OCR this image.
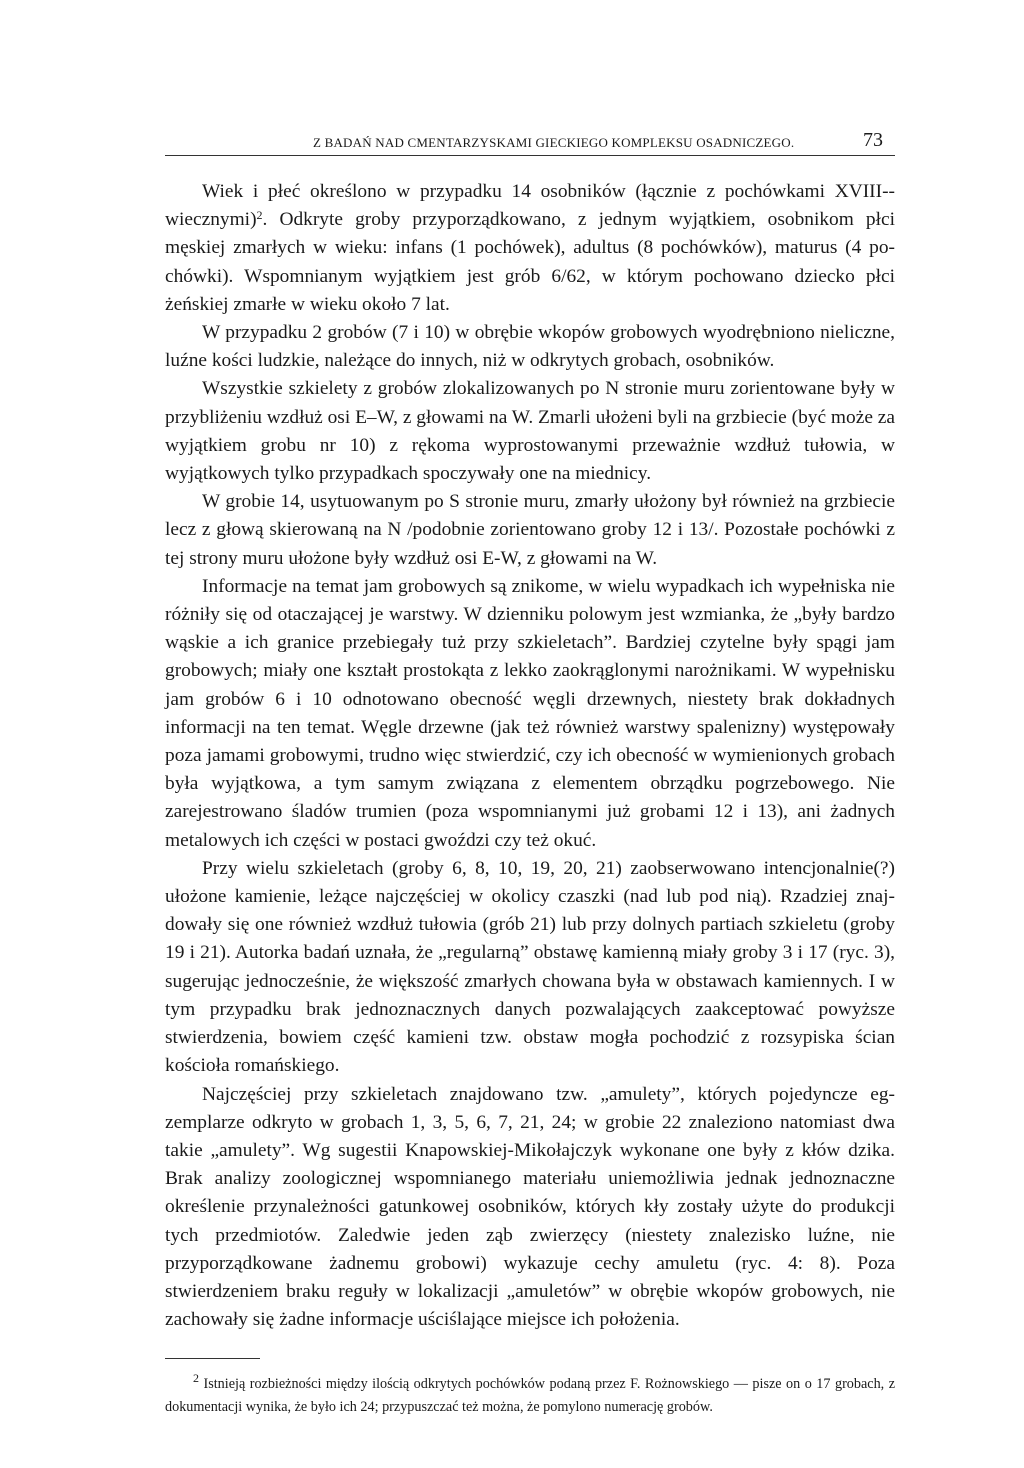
Z BADAŃ NAD CMENTARZYSKAMI GIECKIEGO KOMPLEKSU OSADNICZEGO.	73

Wiek i płeć określono w przypadku 14 osobników (łącznie z pochówkami XVIII--wiecznymi)$^2$. Odkryte groby przyporządkowano, z jednym wyjątkiem, osobnikom płci męskiej zmarłych w wieku: infans (1 pochówek), adultus (8 pochówków), maturus (4 pochówki). Wspomnianym wyjątkiem jest grób 6/62, w którym pochowano dziecko płci żeńskiej zmarłe w wieku około 7 lat.

W przypadku 2 grobów (7 i 10) w obrębie wkopów grobowych wyodrębniono nieliczne, luźne kości ludzkie, należące do innych, niż w odkrytych grobach, osobników.

Wszystkie szkielety z grobów zlokalizowanych po N stronie muru zorientowane były w przybliżeniu wzdłuż osi E–W, z głowami na W. Zmarli ułożeni byli na grzbiecie (być może za wyjątkiem grobu nr 10) z rękoma wyprostowanymi przeważnie wzdłuż tułowia, w wyjątkowych tylko przypadkach spoczywały one na miednicy.

W grobie 14, usytuowanym po S stronie muru, zmarły ułożony był również na grzbiecie lecz z głową skierowaną na N /podobnie zorientowano groby 12 i 13/. Pozostałe pochówki z tej strony muru ułożone były wzdłuż osi E-W, z głowami na W.

Informacje na temat jam grobowych są znikome, w wielu wypadkach ich wypełniska nie różniły się od otaczającej je warstwy. W dzienniku polowym jest wzmianka, że „były bardzo wąskie a ich granice przebiegały tuż przy szkieletach”. Bardziej czytelne były spągi jam grobowych; miały one kształt prostokąta z lekko zaokrąglonymi narożnikami. W wypełnisku jam grobów 6 i 10 odnotowano obecność węgli drzewnych, niestety brak dokładnych informacji na ten temat. Węgle drzewne (jak też również warstwy spalenizny) występowały poza jamami grobowymi, trudno więc stwierdzić, czy ich obecność w wymienionych grobach była wyjątkowa, a tym samym związana z elementem obrządku pogrzebowego. Nie zarejestrowano śladów trumien (poza wspomnianymi już grobami 12 i 13), ani żadnych metalowych ich części w postaci gwoździ czy też okuć.

Przy wielu szkieletach (groby 6, 8, 10, 19, 20, 21) zaobserwowano intencjonalnie(?) ułożone kamienie, leżące najczęściej w okolicy czaszki (nad lub pod nią). Rzadziej znajdowały się one również wzdłuż tułowia (grób 21) lub przy dolnych partiach szkieletu (groby 19 i 21). Autorka badań uznała, że „regularną” obstawę kamienną miały groby 3 i 17 (ryc. 3), sugerując jednocześnie, że większość zmarłych chowana była w obstawach kamiennych. I w tym przypadku brak jednoznacznych danych pozwalających zaakceptować powyższe stwierdzenia, bowiem część kamieni tzw. obstaw mogła pochodzić z rozsypiska ścian kościoła romańskiego.

Najczęściej przy szkieletach znajdowano tzw. „amulety”, których pojedyncze egzemplarze odkryto w grobach 1, 3, 5, 6, 7, 21, 24; w grobie 22 znaleziono natomiast dwa takie „amulety”. Wg sugestii Knapowskiej-Mikołajczyk wykonane one były z kłów dzika. Brak analizy zoologicznej wspomnianego materiału uniemożliwia jednak jednoznaczne określenie przynależności gatunkowej osobników, których kły zostały użyte do produkcji tych przedmiotów. Zaledwie jeden ząb zwierzęcy (niestety znalezisko luźne, nie przyporządkowane żadnemu grobowi) wykazuje cechy amuletu (ryc. 4: 8). Poza stwierdzeniem braku reguły w lokalizacji „amuletów” w obrębie wkopów grobowych, nie zachowały się żadne informacje uściślające miejsce ich położenia.

$^2$ Istnieją rozbieżności między ilością odkrytych pochówków podaną przez F. Rożnowskiego — pisze on o 17 grobach, z dokumentacji wynika, że było ich 24; przypuszczać też można, że pomylono numerację grobów.
